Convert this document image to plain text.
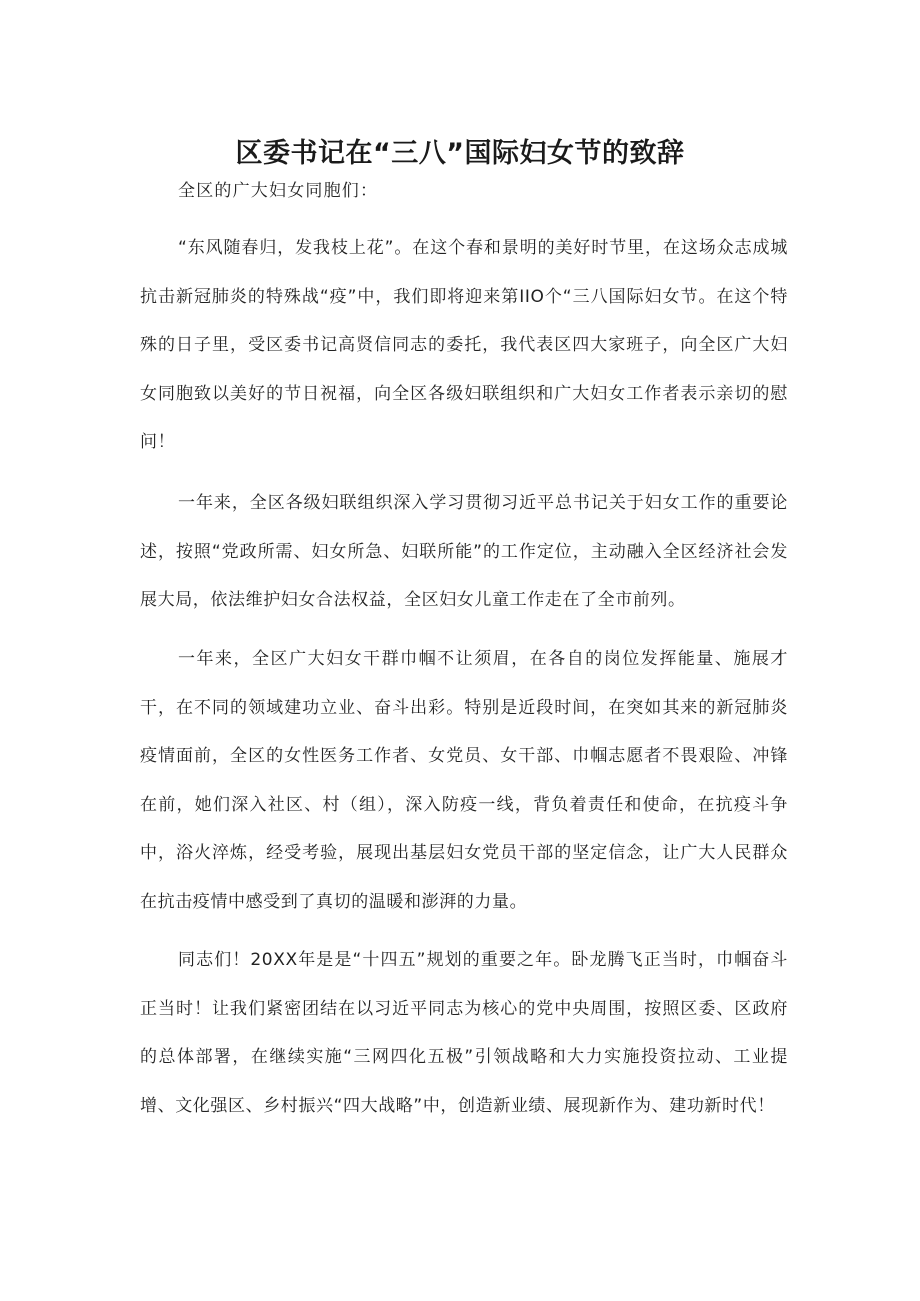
区委书记在“三八”国际妇女节的致辞
全区的广大妇女同胞们：

“东风随春归，发我枝上花”。在这个春和景明的美好时节里，在这场众志成城抗击新冠肺炎的特殊战“疫”中，我们即将迎来第IIO个“三八国际妇女节。在这个特殊的日子里，受区委书记高贤信同志的委托，我代表区四大家班子，向全区广大妇女同胞致以美好的节日祝福，向全区各级妇联组织和广大妇女工作者表示亲切的慰问！

一年来，全区各级妇联组织深入学习贯彻习近平总书记关于妇女工作的重要论述，按照“党政所需、妇女所急、妇联所能”的工作定位，主动融入全区经济社会发展大局，依法维护妇女合法权益，全区妇女儿童工作走在了全市前列。

一年来，全区广大妇女干群巾帼不让须眉，在各自的岗位发挥能量、施展才干，在不同的领域建功立业、奋斗出彩。特别是近段时间，在突如其来的新冠肺炎疫情面前，全区的女性医务工作者、女党员、女干部、巾帼志愿者不畏艰险、冲锋在前，她们深入社区、村（组），深入防疫一线，背负着责任和使命，在抗疫斗争中，浴火淬炼，经受考验，展现出基层妇女党员干部的坚定信念，让广大人民群众在抗击疫情中感受到了真切的温暖和澎湃的力量。

同志们！20XX年是是“十四五”规划的重要之年。卧龙腾飞正当时，巾帼奋斗正当时！让我们紧密团结在以习近平同志为核心的党中央周围，按照区委、区政府的总体部署，在继续实施“三网四化五极”引领战略和大力实施投资拉动、工业提增、文化强区、乡村振兴“四大战略”中，创造新业绩、展现新作为、建功新时代！
